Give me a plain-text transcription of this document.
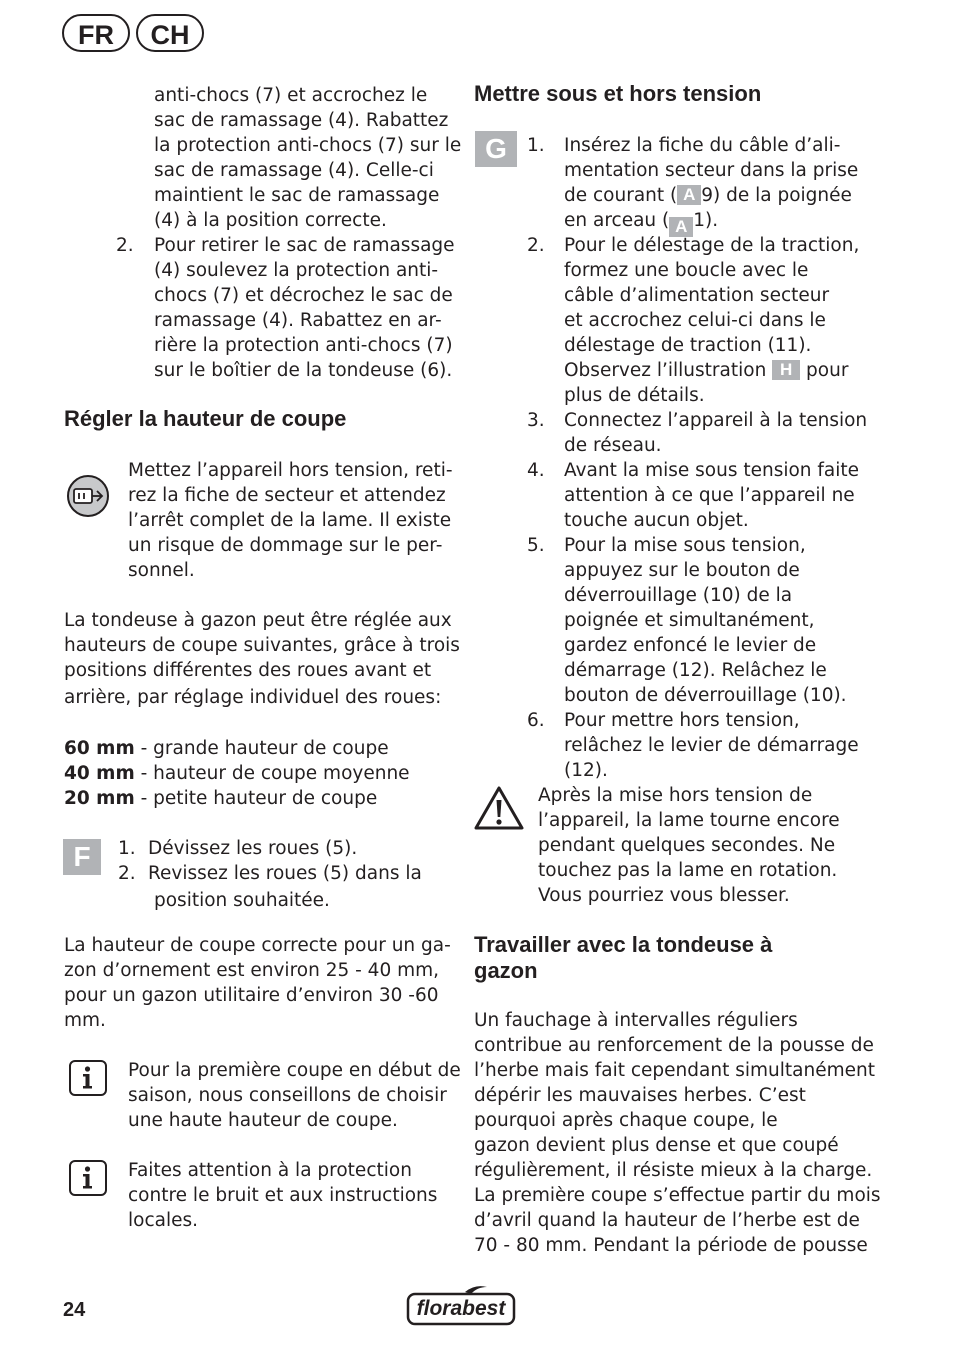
FR	CH
anti-chocs (7) et accrochez le
sac de ramassage (4). Rabattez
la protection anti-chocs (7) sur le
sac de ramassage (4). Celle-ci
maintient le sac de ramassage
(4) à la position correcte.
2. Pour retirer le sac de ramassage
(4) soulevez la protection anti-
chocs (7) et décrochez le sac de
ramassage (4). Rabattez en ar-
rière la protection anti-chocs (7)
sur le boîtier de la tondeuse (6).
Régler la hauteur de coupe
Mettez l’appareil hors tension, reti-
rez la fiche de secteur et attendez
l’arrêt complet de la lame. Il existe
un risque de dommage sur le per-
sonnel.
La tondeuse à gazon peut être réglée aux
hauteurs de coupe suivantes, grâce à trois
positions différentes des roues avant et
arrière, par réglage individuel des roues:
60 mm - grande hauteur de coupe
40 mm - hauteur de coupe moyenne
20 mm - petite hauteur de coupe
F	1. Dévissez les roues (5).
2. Revissez les roues (5) dans la
position souhaitée.
La hauteur de coupe correcte pour un ga-
zon d’ornement est environ 25 - 40 mm,
pour un gazon utilitaire d’environ 30 -60
mm.
Pour la première coupe en début de
saison, nous conseillons de choisir
une haute hauteur de coupe.
Faites attention à la protection
contre le bruit et aux instructions
locales.
Mettre sous et hors tension
G	1. Insérez la fiche du câble d’ali-
mentation secteur dans la prise
de courant ( A 9) de la poignée
en arceau ( A 1).
2. Pour le délestage de la traction,
formez une boucle avec le
câble d’alimentation secteur
et accrochez celui-ci dans le
délestage de traction (11).
Observez l’illustration H pour
plus de détails.
3. Connectez l’appareil à la tension
de réseau.
4. Avant la mise sous tension faite
attention à ce que l’appareil ne
touche aucun objet.
5. Pour la mise sous tension,
appuyez sur le bouton de
déverrouillage (10) de la
poignée et simultanément,
gardez enfoncé le levier de
démarrage (12). Relâchez le
bouton de déverrouillage (10).
6. Pour mettre hors tension,
relâchez le levier de démarrage
(12).
Après la mise hors tension de
l’appareil, la lame tourne encore
pendant quelques secondes. Ne
touchez pas la lame en rotation.
Vous pourriez vous blesser.
Travailler avec la tondeuse à
gazon
Un fauchage à intervalles réguliers
contribue au renforcement de la pousse de
l’herbe mais fait cependant simultanément
dépérir les mauvaises herbes. C’est
pourquoi après chaque coupe, le
gazon devient plus dense et que coupé
régulièrement, il résiste mieux à la charge.
La première coupe s’effectue partir du mois
d’avril quand la hauteur de l’herbe est de
70 - 80 mm. Pendant la période de pousse
24	florabest
